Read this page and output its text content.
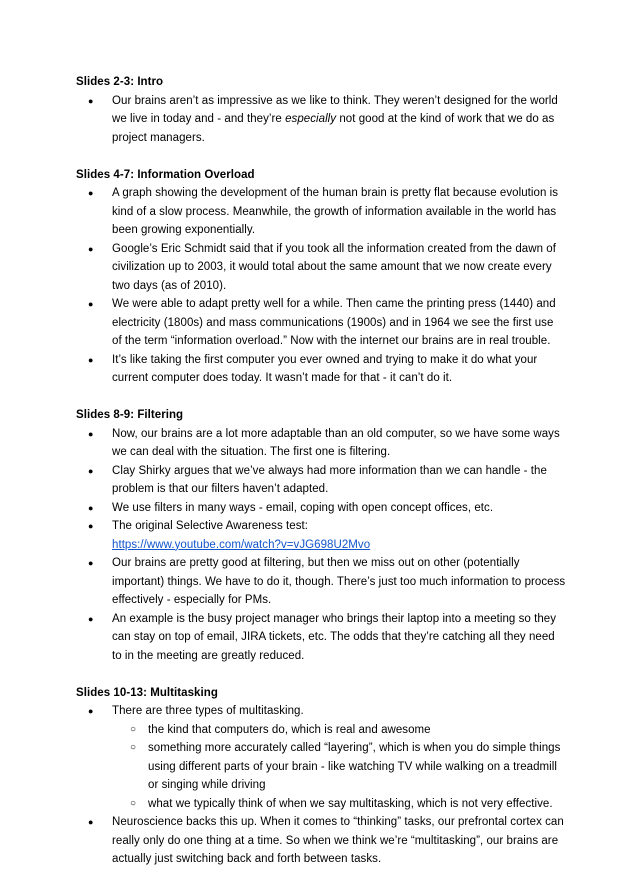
Slides 2-3: Intro
● Our brains aren’t as impressive as we like to think. They weren’t designed for the world we live in today and - and they’re especially not good at the kind of work that we do as project managers.
Slides 4-7: Information Overload
● A graph showing the development of the human brain is pretty flat because evolution is kind of a slow process. Meanwhile, the growth of information available in the world has been growing exponentially.
● Google’s Eric Schmidt said that if you took all the information created from the dawn of civilization up to 2003, it would total about the same amount that we now create every two days (as of 2010).
● We were able to adapt pretty well for a while. Then came the printing press (1440) and electricity (1800s) and mass communications (1900s) and in 1964 we see the first use of the term “information overload.” Now with the internet our brains are in real trouble.
● It’s like taking the first computer you ever owned and trying to make it do what your current computer does today. It wasn’t made for that - it can’t do it.
Slides 8-9: Filtering
● Now, our brains are a lot more adaptable than an old computer, so we have some ways we can deal with the situation. The first one is filtering.
● Clay Shirky argues that we’ve always had more information than we can handle - the problem is that our filters haven’t adapted.
● We use filters in many ways - email, coping with open concept offices, etc.
● The original Selective Awareness test:
https://www.youtube.com/watch?v=vJG698U2Mvo
● Our brains are pretty good at filtering, but then we miss out on other (potentially important) things. We have to do it, though. There’s just too much information to process effectively - especially for PMs.
● An example is the busy project manager who brings their laptop into a meeting so they can stay on top of email, JIRA tickets, etc. The odds that they’re catching all they need to in the meeting are greatly reduced.
Slides 10-13: Multitasking
● There are three types of multitasking.
○ the kind that computers do, which is real and awesome
○ something more accurately called “layering”, which is when you do simple things using different parts of your brain - like watching TV while walking on a treadmill or singing while driving
○ what we typically think of when we say multitasking, which is not very effective.
● Neuroscience backs this up. When it comes to “thinking” tasks, our prefrontal cortex can really only do one thing at a time. So when we think we’re “multitasking”, our brains are actually just switching back and forth between tasks.
